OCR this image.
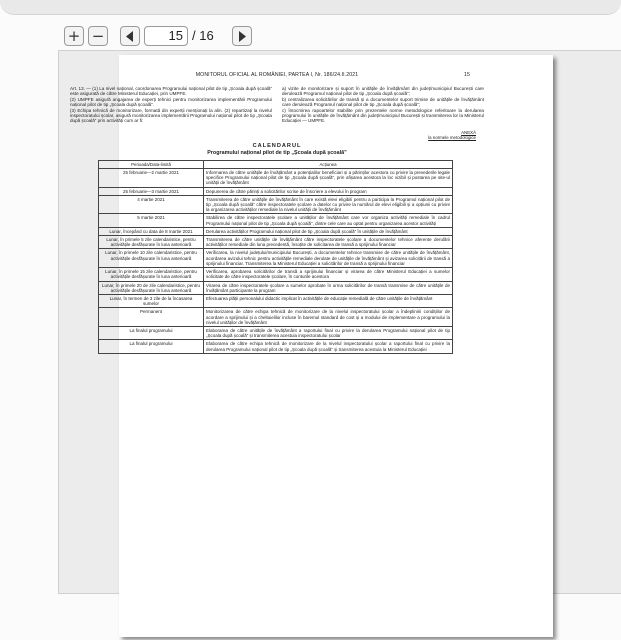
+ −	15 / 16
MONITORUL OFICIAL AL ROMÂNIEI, PARTEA I, Nr. 186/24.II.2021	15

Art. 13. — (1) La nivel național, coordonarea Programului național pilot de tip „Școala după școală” este asigurată de către Ministerul Educației, prin UMPFE.

(2) UMPFE asigură angajarea de experți tehnici pentru monitorizarea implementării Programului național pilot de tip „Școala după școală”.

(3) Echipa tehnică de monitorizare, formată din experții menționați la alin. (2) repartizați la nivelul inspectoratului școlar, asigură monitorizarea implementării Programului național pilot de tip „Școala după școală” prin activități cum ar fi:

a) vizite de monitorizare și suport în unitățile de învățământ din județ/municipiul București care derulează Programul național pilot de tip „Școala după școală”;

b) centralizarea solicitărilor de transă și a documentelor suport trimise de unitățile de învățământ care derulează Programul național pilot de tip „Școala după școală”;

c) întocmirea rapoartelor stabilite prin prezentele norme metodologice referitoare la derularea programului în unitățile de învățământ din județ/municipiul București și transmiterea lor la Ministerul Educației — UMPFE.

ANEXĂ
la normele metodologice
CALENDARUL
Programului național pilot de tip „Școala după școală”
Perioada/Data-limită	Acțiunea
25 februarie—2 martie 2021	Informarea de către unitățile de învățământ a potențialilor beneficiari și a părinților acestora cu privire la prevederile legale specifice Programului național pilot de tip „Școala după școală”, prin afișarea acestora la loc vizibil și postarea pe site-ul unității de învățământ
25 februarie—3 martie 2021	Depunerea de către părinți a solicitărilor scrise de înscriere a elevului în program
4 martie 2021	Transmiterea de către unitățile de învățământ în care există elevi eligibili pentru a participa la Programul național pilot de tip „Școala după școală” către inspectoratele școlare a datelor cu privire la numărul de elevi eligibili și a opțiunii cu privire la organizarea activităților remediale la nivelul unității de învățământ
5 martie 2021	Stabilirea de către inspectoratele școlare a unităților de învățământ care vor organiza activități remediale în cadrul Programului național pilot de tip „Școala după școală”, dintre cele care au optat pentru organizarea acestor activități
Lunar, începând cu data de 8 martie 2021	Derularea activităților Programului național pilot de tip „Școala după școală” în unitățile de învățământ
Lunar, în primele 5 zile calendaristice, pentru activitățile desfășurate în luna anterioară	Transmiterea de către unitățile de învățământ către inspectoratele școlare a documentelor tehnice aferente derulării activităților remediale din luna precedentă, însoțite de solicitarea de transă a sprijinului financiar
Lunar, în primele 10 zile calendaristice, pentru activitățile desfășurate în luna anterioară	Verificarea, la nivelul județului/municipiului București, a documentelor tehnice transmise de către unitățile de învățământ, acordarea avizului tehnic pentru activitățile remediale derulate de unitățile de învățământ și avizarea solicitării de transă a sprijinului financiar. Transmiterea la Ministerul Educației a solicitărilor de transă a sprijinului financiar
Lunar, în primele 15 zile calendaristice, pentru activitățile desfășurate în luna anterioară	Verificarea, aprobarea solicitărilor de transă a sprijinului financiar și virarea de către Ministerul Educației a sumelor solicitate de către inspectoratele școlare, în conturile acestora
Lunar, în primele 20 de zile calendaristice, pentru activitățile desfășurate în luna anterioară	Virarea de către inspectoratele școlare a sumelor aprobate în urma solicitărilor de transă transmise de către unitățile de învățământ participante la program
Lunar, în termen de 3 zile de la încasarea sumelor	Efectuarea plății personalului didactic implicat în activitățile de educație remedială de către unitățile de învățământ
Permanent	Monitorizarea de către echipa tehnică de monitorizare de la nivelul inspectoratului școlar a îndeplinirii condițiilor de acordare a sprijinului și a cheltuielilor incluse în baremul standard de cost și a modului de implementare a programului la nivelul unităților de învățământ
La finalul programului	Elaborarea de către unitățile de învățământ a raportului final cu privire la derularea Programului național pilot de tip „Școala după școală” și transmiterea acestuia inspectoratului școlar
La finalul programului	Elaborarea de către echipa tehnică de monitorizare de la nivelul inspectoratului școlar a raportului final cu privire la derularea Programului național pilot de tip „Școala după școală” și transmiterea acestuia la Ministerul Educației
